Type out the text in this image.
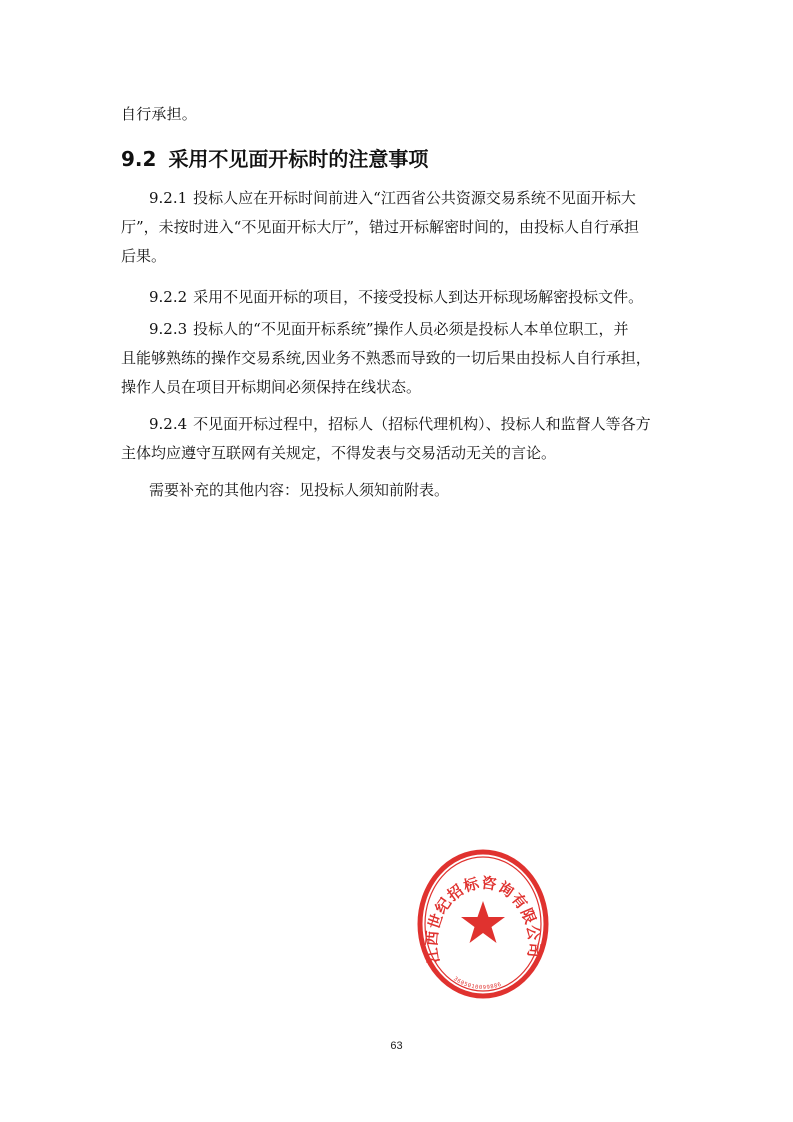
自行承担。
9.2 采用不见面开标时的注意事项
9.2.1 投标人应在开标时间前进入“江西省公共资源交易系统不见面开标大
厅”，未按时进入“不见面开标大厅”，错过开标解密时间的，由投标人自行承担
后果。
9.2.2 采用不见面开标的项目，不接受投标人到达开标现场解密投标文件。
9.2.3 投标人的“不见面开标系统”操作人员必须是投标人本单位职工，并
且能够熟练的操作交易系统,因业务不熟悉而导致的一切后果由投标人自行承担，
操作人员在项目开标期间必须保持在线状态。
9.2.4 不见面开标过程中，招标人（招标代理机构）、投标人和监督人等各方
主体均应遵守互联网有关规定，不得发表与交易活动无关的言论。
需要补充的其他内容：见投标人须知前附表。
江西世纪招标咨询有限公司
3605010099886
63
